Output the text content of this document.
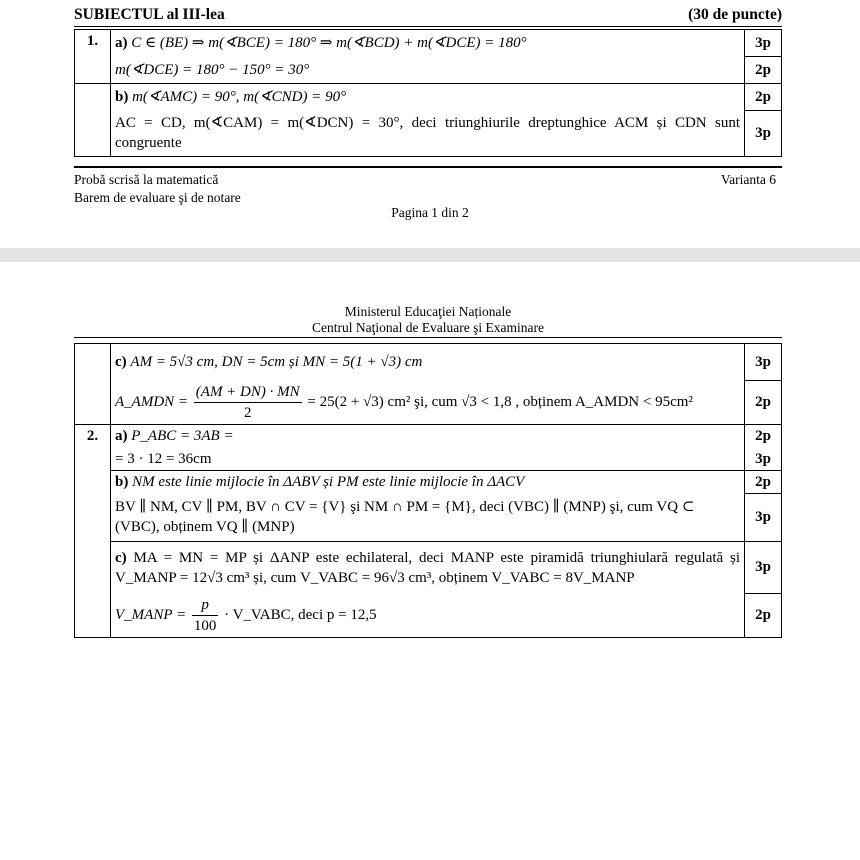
SUBIECTUL al III-lea	(30 de puncte)
1.	a) C ∈ (BE) ⇒ m(∢BCE) = 180° ⇒ m(∢BCD) + m(∢DCE) = 180°	3p
	m(∢DCE) = 180° − 150° = 30°	2p
	b) m(∢AMC) = 90°, m(∢CND) = 90°	2p
	AC = CD, m(∢CAM) = m(∢DCN) = 30°, deci triunghiurile dreptunghice ACM și CDN sunt congruente	3p
Probă scrisă la matematică
Barem de evaluare şi de notare
Varianta 6
Pagina 1 din 2
Ministerul Educaţiei Naționale
Centrul Naţional de Evaluare şi Examinare
	c) AM = 5√3 cm, DN = 5cm și MN = 5(1 + √3) cm	3p
	A_AMDN = $\frac{(AM + DN) \cdot MN}{2} = 25(2 + √3)$ cm² şi, cum √3 < 1,8 , obținem A_AMDN < 95cm²	2p
2.	a) P_ABC = 3AB =	2p
	= 3 · 12 = 36cm	3p
	b) NM este linie mijlocie în ΔABV și PM este linie mijlocie în ΔACV	2p
	BV ∥ NM, CV ∥ PM, BV ∩ CV = {V} şi NM ∩ PM = {M}, deci (VBC) ∥ (MNP) şi, cum VQ ⊂ (VBC), obținem VQ ∥ (MNP)	3p
	c) MA = MN = MP și ΔANP este echilateral, deci MANP este piramidă triunghiulară regulată și V_MANP = 12√3 cm³ și, cum V_VABC = 96√3 cm³, obținem V_VABC = 8V_MANP	3p
	V_MANP = $\frac{p}{100}$ · V_VABC, deci p = 12,5	2p
